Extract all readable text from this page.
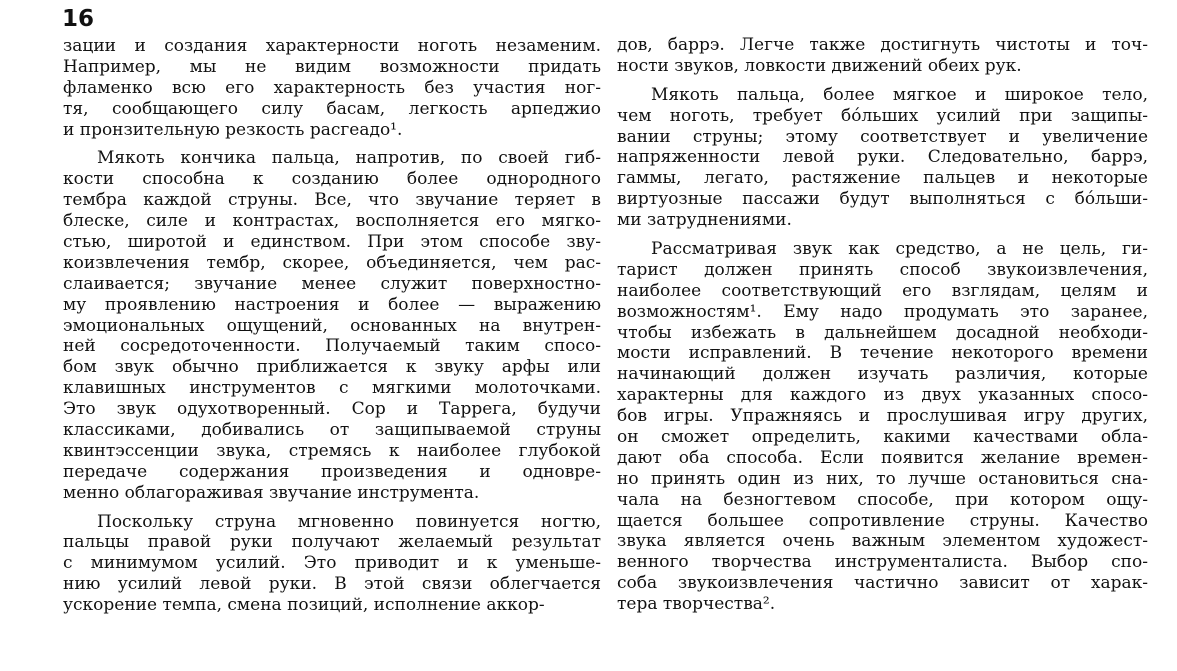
16
зации и создания характерности ноготь незаменим.
Например, мы не видим возможности придать
фламенко всю его характерность без участия ног-
тя, сообщающего силу басам, легкость арпеджио
и пронзительную резкость расгеадо¹.
Мякоть кончика пальца, напротив, по своей гиб-
кости способна к созданию более однородного
тембра каждой струны. Все, что звучание теряет в
блеске, силе и контрастах, восполняется его мягко-
стью, широтой и единством. При этом способе зву-
коизвлечения тембр, скорее, объединяется, чем рас-
слаивается; звучание менее служит поверхностно-
му проявлению настроения и более — выражению
эмоциональных ощущений, основанных на внутрен-
ней сосредоточенности. Получаемый таким спосо-
бом звук обычно приближается к звуку арфы или
клавишных инструментов с мягкими молоточками.
Это звук одухотворенный. Сор и Таррега, будучи
классиками, добивались от защипываемой струны
квинтэссенции звука, стремясь к наиболее глубокой
передаче содержания произведения и одновре-
менно облагораживая звучание инструмента.
Поскольку струна мгновенно повинуется ногтю,
пальцы правой руки получают желаемый результат
с минимумом усилий. Это приводит и к уменьше-
нию усилий левой руки. В этой связи облегчается
ускорение темпа, смена позиций, исполнение аккор-
дов, баррэ. Легче также достигнуть чистоты и точ-
ности звуков, ловкости движений обеих рук.
Мякоть пальца, более мягкое и широкое тело,
чем ноготь, требует бóльших усилий при защипы-
вании струны; этому соответствует и увеличение
напряженности левой руки. Следовательно, баррэ,
гаммы, легато, растяжение пальцев и некоторые
виртуозные пассажи будут выполняться с бóльши-
ми затруднениями.
Рассматривая звук как средство, а не цель, ги-
тарист должен принять способ звукоизвлечения,
наиболее соответствующий его взглядам, целям и
возможностям¹. Ему надо продумать это заранее,
чтобы избежать в дальнейшем досадной необходи-
мости исправлений. В течение некоторого времени
начинающий должен изучать различия, которые
характерны для каждого из двух указанных спосо-
бов игры. Упражняясь и прослушивая игру других,
он сможет определить, какими качествами обла-
дают оба способа. Если появится желание времен-
но принять один из них, то лучше остановиться сна-
чала на безногтевом способе, при котором ощу-
щается большее сопротивление струны. Качество
звука является очень важным элементом художест-
венного творчества инструменталиста. Выбор спо-
соба звукоизвлечения частично зависит от харак-
тера творчества².
